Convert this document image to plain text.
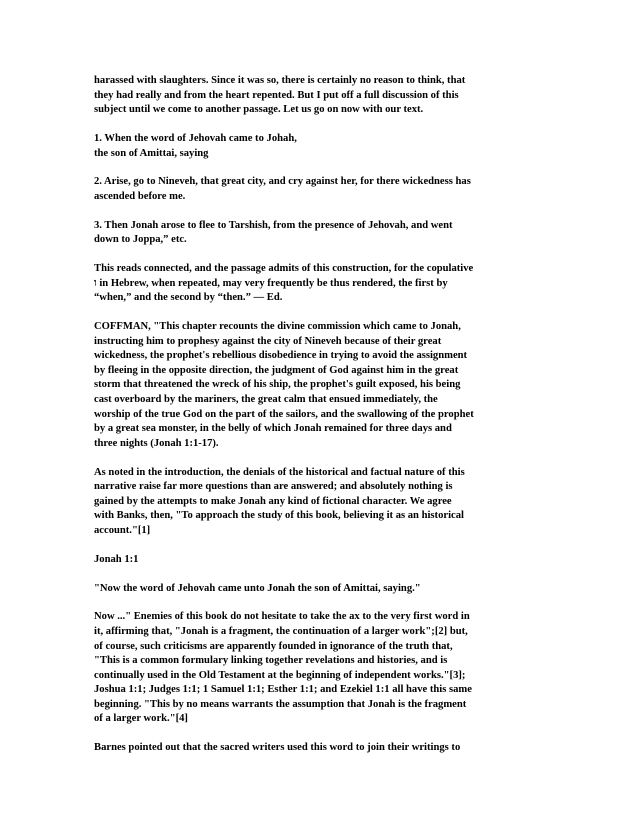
harassed with slaughters. Since it was so, there is certainly no reason to think, that
they had really and from the heart repented. But I put off a full discussion of this
subject until we come to another passage. Let us go on now with our text.

1. When the word of Jehovah came to Johah,
the son of Amittai, saying

2. Arise, go to Nineveh, that great city, and cry against her, for there wickedness has
ascended before me.

3. Then Jonah arose to flee to Tarshish, from the presence of Jehovah, and went
down to Joppa,” etc.

This reads connected, and the passage admits of this construction, for the copulative
ו in Hebrew, when repeated, may very frequently be thus rendered, the first by
“when,” and the second by “then.” — Ed.

COFFMAN, "This chapter recounts the divine commission which came to Jonah,
instructing him to prophesy against the city of Nineveh because of their great
wickedness, the prophet's rebellious disobedience in trying to avoid the assignment
by fleeing in the opposite direction, the judgment of God against him in the great
storm that threatened the wreck of his ship, the prophet's guilt exposed, his being
cast overboard by the mariners, the great calm that ensued immediately, the
worship of the true God on the part of the sailors, and the swallowing of the prophet
by a great sea monster, in the belly of which Jonah remained for three days and
three nights (Jonah 1:1-17).

As noted in the introduction, the denials of the historical and factual nature of this
narrative raise far more questions than are answered; and absolutely nothing is
gained by the attempts to make Jonah any kind of fictional character. We agree
with Banks, then, "To approach the study of this book, believing it as an historical
account."[1]

Jonah 1:1

"Now the word of Jehovah came unto Jonah the son of Amittai, saying."

Now ..." Enemies of this book do not hesitate to take the ax to the very first word in
it, affirming that, "Jonah is a fragment, the continuation of a larger work";[2] but,
of course, such criticisms are apparently founded in ignorance of the truth that,
"This is a common formulary linking together revelations and histories, and is
continually used in the Old Testament at the beginning of independent works."[3];
Joshua 1:1; Judges 1:1; 1 Samuel 1:1; Esther 1:1; and Ezekiel 1:1 all have this same
beginning. "This by no means warrants the assumption that Jonah is the fragment
of a larger work."[4]

Barnes pointed out that the sacred writers used this word to join their writings to
